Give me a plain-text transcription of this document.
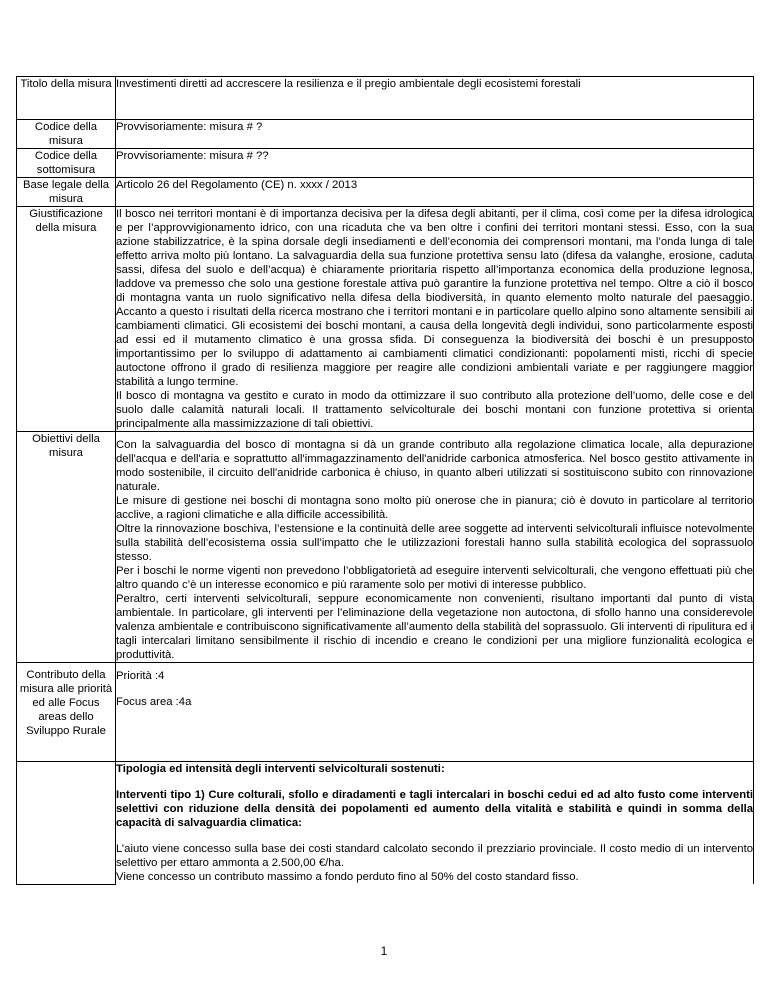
Titolo della misura	Investimenti diretti ad accrescere la resilienza e il pregio ambientale degli ecosistemi forestali
Codice della misura	Provvisoriamente: misura # ?
Codice della sottomisura	Provvisoriamente: misura # ??
Base legale della misura	Articolo 26 del Regolamento (CE) n. xxxx / 2013
Giustificazione della misura	Il bosco nei territori montani è di importanza decisiva per la difesa degli abitanti, per il clima, così come per la difesa idrologica e per l’approvvigionamento idrico, con una ricaduta che va ben oltre i confini dei territori montani stessi. Esso, con la sua azione stabilizzatrice, è la spina dorsale degli insediamenti e dell’economia dei comprensori montani, ma l’onda lunga di tale effetto arriva molto più lontano. La salvaguardia della sua funzione protettiva sensu lato (difesa da valanghe, erosione, caduta sassi, difesa del suolo e dell’acqua) è chiaramente prioritaria rispetto all’importanza economica della produzione legnosa, laddove va premesso che solo una gestione forestale attiva può garantire la funzione protettiva nel tempo. Oltre a ciò il bosco di montagna vanta un ruolo significativo nella difesa della biodiversità, in quanto elemento molto naturale del paesaggio. Accanto a questo i risultati della ricerca mostrano che i territori montani e in particolare quello alpino sono altamente sensibili ai cambiamenti climatici. Gli ecosistemi dei boschi montani, a causa della longevità degli individui, sono particolarmente esposti ad essi ed il mutamento climatico è una grossa sfida. Di conseguenza la biodiversità dei boschi è un presupposto importantissimo per lo sviluppo di adattamento ai cambiamenti climatici condizionanti: popolamenti misti, ricchi di specie autoctone offrono il grado di resilienza maggiore per reagire alle condizioni ambientali variate e per raggiungere maggior stabilità a lungo termine.

Il bosco di montagna va gestito e curato in modo da ottimizzare il suo contributo alla protezione dell’uomo, delle cose e del suolo dalle calamità naturali locali. Il trattamento selvicolturale dei boschi montani con funzione protettiva si orienta principalmente alla massimizzazione di tali obiettivi.

Obiettivi della misura	Con la salvaguardia del bosco di montagna si dà un grande contributo alla regolazione climatica locale, alla depurazione dell'acqua e dell'aria e soprattutto all'immagazzinamento dell'anidride carbonica atmosferica. Nel bosco gestito attivamente in modo sostenibile, il circuito dell'anidride carbonica è chiuso, in quanto alberi utilizzati si sostituiscono subito con rinnovazione naturale.

Le misure di gestione nei boschi di montagna sono molto più onerose che in pianura; ciò è dovuto in particolare al territorio acclive, a ragioni climatiche e alla difficile accessibilità.

Oltre la rinnovazione boschiva, l’estensione e la continuità delle aree soggette ad interventi selvicolturali influisce notevolmente sulla stabilità dell’ecosistema ossia sull’impatto che le utilizzazioni forestali hanno sulla stabilità ecologica del soprassuolo stesso.

Per i boschi le norme vigenti non prevedono l’obbligatorietà ad eseguire interventi selvicolturali, che vengono effettuati più che altro quando c’è un interesse economico e più raramente solo per motivi di interesse pubblico.

Peraltro, certi interventi selvicolturali, seppure economicamente non convenienti, risultano importanti dal punto di vista ambientale. In particolare, gli interventi per l’eliminazione della vegetazione non autoctona, di sfollo hanno una considerevole valenza ambientale e contribuiscono significativamente all’aumento della stabilità del soprassuolo. Gli interventi di ripulitura ed i tagli intercalari limitano sensibilmente il rischio di incendio e creano le condizioni per una migliore funzionalità ecologica e produttività.

Contributo della misura alle priorità ed alle Focus areas dello Sviluppo Rurale	Priorità :4
Focus area :4a

	Tipologia ed intensità degli interventi selvicolturali sostenuti:

Interventi tipo 1) Cure colturali, sfollo e diradamenti e tagli intercalari in boschi cedui ed ad alto fusto come interventi selettivi con riduzione della densità dei popolamenti ed aumento della vitalità e stabilità e quindi in somma della capacità di salvaguardia climatica:

L’aiuto viene concesso sulla base dei costi standard calcolato secondo il prezziario provinciale. Il costo medio di un intervento selettivo per ettaro ammonta a 2.500,00 €/ha.

Viene concesso un contributo massimo a fondo perduto fino al 50% del costo standard fisso.

1
